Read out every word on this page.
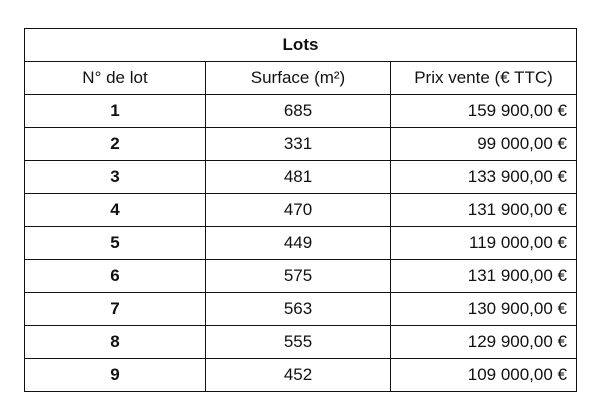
Lots		
N° de lot	Surface (m²)	Prix vente (€ TTC)
1	685	159 900,00 €
2	331	99 000,00 €
3	481	133 900,00 €
4	470	131 900,00 €
5	449	119 000,00 €
6	575	131 900,00 €
7	563	130 900,00 €
8	555	129 900,00 €
9	452	109 000,00 €
